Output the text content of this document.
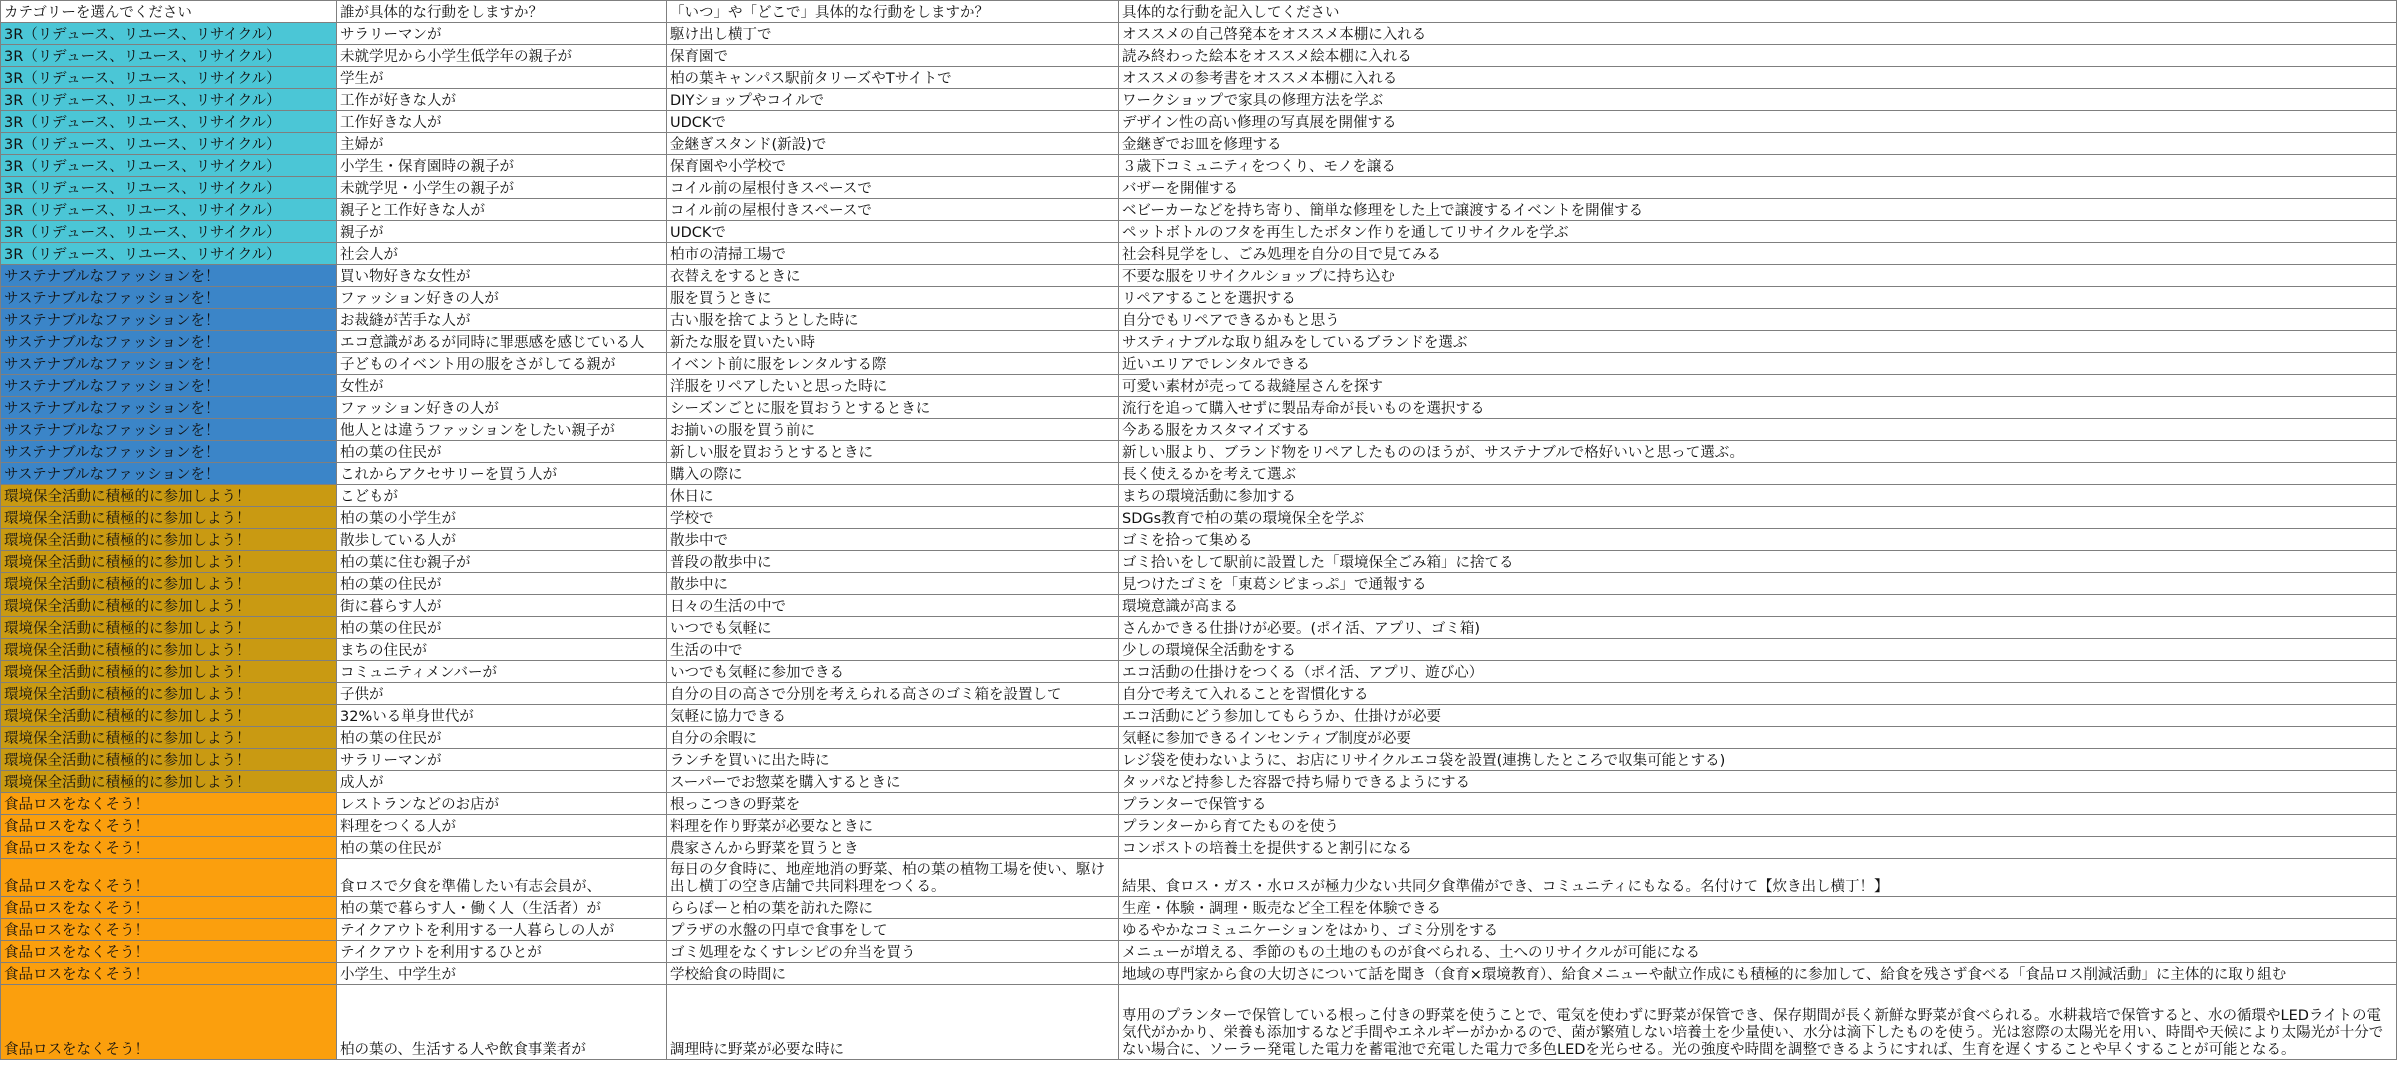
カテゴリーを選んでください	誰が具体的な行動をしますか？	「いつ」や「どこで」具体的な行動をしますか？	具体的な行動を記入してください
3R（リデュース、リユース、リサイクル）	サラリーマンが	駆け出し横丁で	オススメの自己啓発本をオススメ本棚に入れる
3R（リデュース、リユース、リサイクル）	未就学児から小学生低学年の親子が	保育園で	読み終わった絵本をオススメ絵本棚に入れる
3R（リデュース、リユース、リサイクル）	学生が	柏の葉キャンパス駅前タリーズやTサイトで	オススメの参考書をオススメ本棚に入れる
3R（リデュース、リユース、リサイクル）	工作が好きな人が	DIYショップやコイルで	ワークショップで家具の修理方法を学ぶ
3R（リデュース、リユース、リサイクル）	工作好きな人が	UDCKで	デザイン性の高い修理の写真展を開催する
3R（リデュース、リユース、リサイクル）	主婦が	金継ぎスタンド(新設)で	金継ぎでお皿を修理する
3R（リデュース、リユース、リサイクル）	小学生・保育園時の親子が	保育園や小学校で	３歳下コミュニティをつくり、モノを譲る
3R（リデュース、リユース、リサイクル）	未就学児・小学生の親子が	コイル前の屋根付きスペースで	バザーを開催する
3R（リデュース、リユース、リサイクル）	親子と工作好きな人が	コイル前の屋根付きスペースで	ベビーカーなどを持ち寄り、簡単な修理をした上で譲渡するイベントを開催する
3R（リデュース、リユース、リサイクル）	親子が	UDCKで	ペットボトルのフタを再生したボタン作りを通してリサイクルを学ぶ
3R（リデュース、リユース、リサイクル）	社会人が	柏市の清掃工場で	社会科見学をし、ごみ処理を自分の目で見てみる
サステナブルなファッションを！	買い物好きな女性が	衣替えをするときに	不要な服をリサイクルショップに持ち込む
サステナブルなファッションを！	ファッション好きの人が	服を買うときに	リペアすることを選択する
サステナブルなファッションを！	お裁縫が苦手な人が	古い服を捨てようとした時に	自分でもリペアできるかもと思う
サステナブルなファッションを！	エコ意識があるが同時に罪悪感を感じている人	新たな服を買いたい時	サスティナブルな取り組みをしているブランドを選ぶ
サステナブルなファッションを！	子どものイベント用の服をさがしてる親が	イベント前に服をレンタルする際	近いエリアでレンタルできる
サステナブルなファッションを！	女性が	洋服をリペアしたいと思った時に	可愛い素材が売ってる裁縫屋さんを探す
サステナブルなファッションを！	ファッション好きの人が	シーズンごとに服を買おうとするときに	流行を追って購入せずに製品寿命が長いものを選択する
サステナブルなファッションを！	他人とは違うファッションをしたい親子が	お揃いの服を買う前に	今ある服をカスタマイズする
サステナブルなファッションを！	柏の葉の住民が	新しい服を買おうとするときに	新しい服より、ブランド物をリペアしたもののほうが、サステナブルで格好いいと思って選ぶ。
サステナブルなファッションを！	これからアクセサリーを買う人が	購入の際に	長く使えるかを考えて選ぶ
環境保全活動に積極的に参加しよう！	こどもが	休日に	まちの環境活動に参加する
環境保全活動に積極的に参加しよう！	柏の葉の小学生が	学校で	SDGs教育で柏の葉の環境保全を学ぶ
環境保全活動に積極的に参加しよう！	散歩している人が	散歩中で	ゴミを拾って集める
環境保全活動に積極的に参加しよう！	柏の葉に住む親子が	普段の散歩中に	ゴミ拾いをして駅前に設置した「環境保全ごみ箱」に捨てる
環境保全活動に積極的に参加しよう！	柏の葉の住民が	散歩中に	見つけたゴミを「東葛シビまっぷ」で通報する
環境保全活動に積極的に参加しよう！	街に暮らす人が	日々の生活の中で	環境意識が高まる
環境保全活動に積極的に参加しよう！	柏の葉の住民が	いつでも気軽に	さんかできる仕掛けが必要。(ポイ活、アプリ、ゴミ箱)
環境保全活動に積極的に参加しよう！	まちの住民が	生活の中で	少しの環境保全活動をする
環境保全活動に積極的に参加しよう！	コミュニティメンバーが	いつでも気軽に参加できる	エコ活動の仕掛けをつくる（ポイ活、アプリ、遊び心）
環境保全活動に積極的に参加しよう！	子供が	自分の目の高さで分別を考えられる高さのゴミ箱を設置して	自分で考えて入れることを習慣化する
環境保全活動に積極的に参加しよう！	32%いる単身世代が	気軽に協力できる	エコ活動にどう参加してもらうか、仕掛けが必要
環境保全活動に積極的に参加しよう！	柏の葉の住民が	自分の余暇に	気軽に参加できるインセンティブ制度が必要
環境保全活動に積極的に参加しよう！	サラリーマンが	ランチを買いに出た時に	レジ袋を使わないように、お店にリサイクルエコ袋を設置(連携したところで収集可能とする)
環境保全活動に積極的に参加しよう！	成人が	スーパーでお惣菜を購入するときに	タッパなど持参した容器で持ち帰りできるようにする
食品ロスをなくそう！	レストランなどのお店が	根っこつきの野菜を	プランターで保管する
食品ロスをなくそう！	料理をつくる人が	料理を作り野菜が必要なときに	プランターから育てたものを使う
食品ロスをなくそう！	柏の葉の住民が	農家さんから野菜を買うとき	コンポストの培養土を提供すると割引になる
食品ロスをなくそう！	食ロスで夕食を準備したい有志会員が、	毎日の夕食時に、地産地消の野菜、柏の葉の植物工場を使い、駆け出し横丁の空き店舗で共同料理をつくる。	結果、食ロス・ガス・水ロスが極力少ない共同夕食準備ができ、コミュニティにもなる。名付けて【炊き出し横丁！】
食品ロスをなくそう！	柏の葉で暮らす人・働く人（生活者）が	ららぽーと柏の葉を訪れた際に	生産・体験・調理・販売など全工程を体験できる
食品ロスをなくそう！	テイクアウトを利用する一人暮らしの人が	プラザの水盤の円卓で食事をして	ゆるやかなコミュニケーションをはかり、ゴミ分別をする
食品ロスをなくそう！	テイクアウトを利用するひとが	ゴミ処理をなくすレシピの弁当を買う	メニューが増える、季節のもの土地のものが食べられる、土へのリサイクルが可能になる
食品ロスをなくそう！	小学生、中学生が	学校給食の時間に	地域の専門家から食の大切さについて話を聞き（食育×環境教育）、給食メニューや献立作成にも積極的に参加して、給食を残さず食べる「食品ロス削減活動」に主体的に取り組む
食品ロスをなくそう！	柏の葉の、生活する人や飲食事業者が	調理時に野菜が必要な時に	専用のプランターで保管している根っこ付きの野菜を使うことで、電気を使わずに野菜が保管でき、保存期間が長く新鮮な野菜が食べられる。水耕栽培で保管すると、水の循環やLEDライトの電気代がかかり、栄養も添加するなど手間やエネルギーがかかるので、菌が繁殖しない培養土を少量使い、水分は滴下したものを使う。光は窓際の太陽光を用い、時間や天候により太陽光が十分でない場合に、ソーラー発電した電力を蓄電池で充電した電力で多色LEDを光らせる。光の強度や時間を調整できるようにすれば、生育を遅くすることや早くすることが可能となる。
